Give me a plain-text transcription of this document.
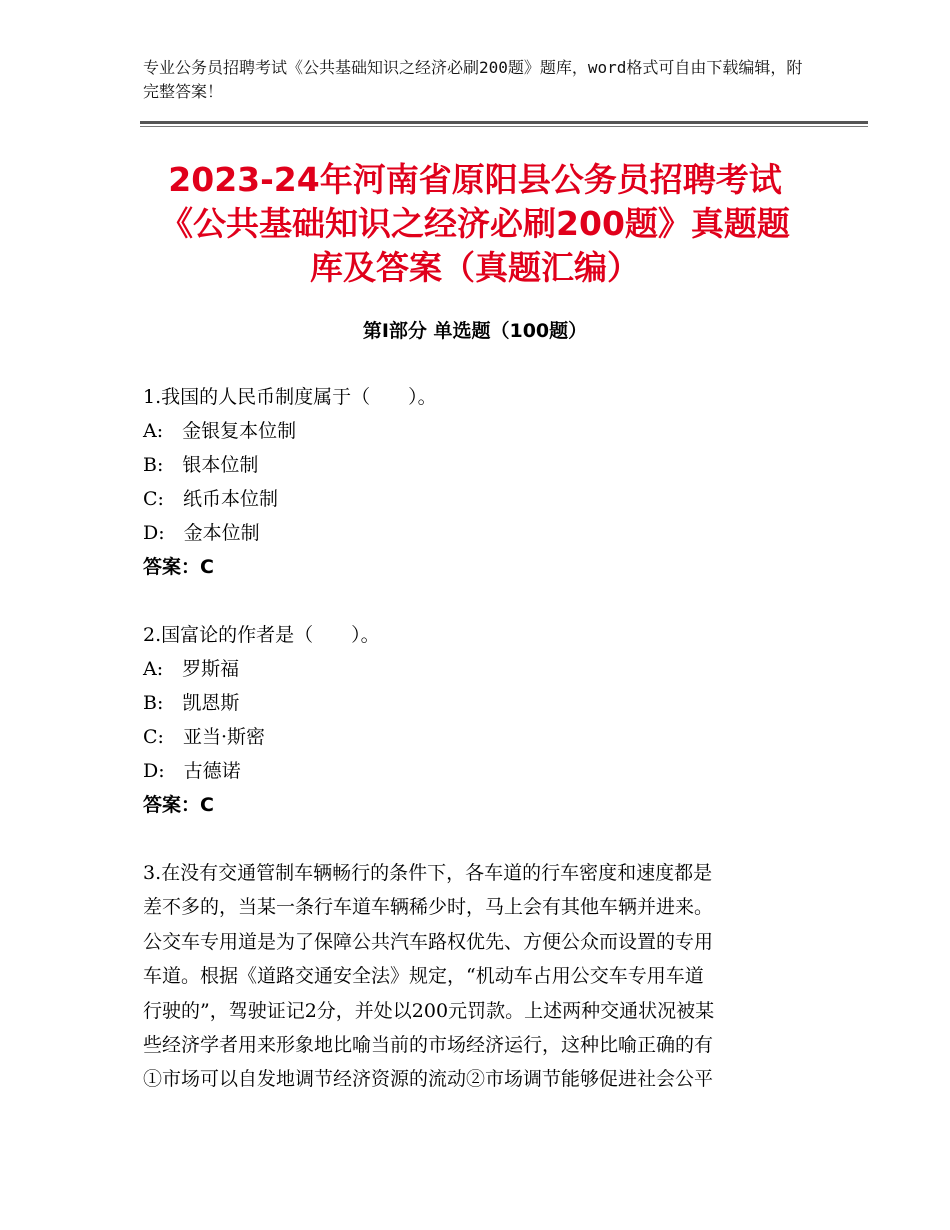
专业公务员招聘考试《公共基础知识之经济必刷200题》题库，word格式可自由下载编辑，附完整答案！
2023-24年河南省原阳县公务员招聘考试
《公共基础知识之经济必刷200题》真题题
库及答案（真题汇编）
第I部分 单选题（100题）
1.我国的人民币制度属于（　　）。
A:　金银复本位制
B:　银本位制
C:　纸币本位制
D:　金本位制
答案：C
2.国富论的作者是（　　）。
A:　罗斯福
B:　凯恩斯
C:　亚当·斯密
D:　古德诺
答案：C
3.在没有交通管制车辆畅行的条件下，各车道的行车密度和速度都是
差不多的，当某一条行车道车辆稀少时，马上会有其他车辆并进来。
公交车专用道是为了保障公共汽车路权优先、方便公众而设置的专用
车道。根据《道路交通安全法》规定，“机动车占用公交车专用车道
行驶的”，驾驶证记2分，并处以200元罚款。上述两种交通状况被某
些经济学者用来形象地比喻当前的市场经济运行，这种比喻正确的有
①市场可以自发地调节经济资源的流动②市场调节能够促进社会公平
